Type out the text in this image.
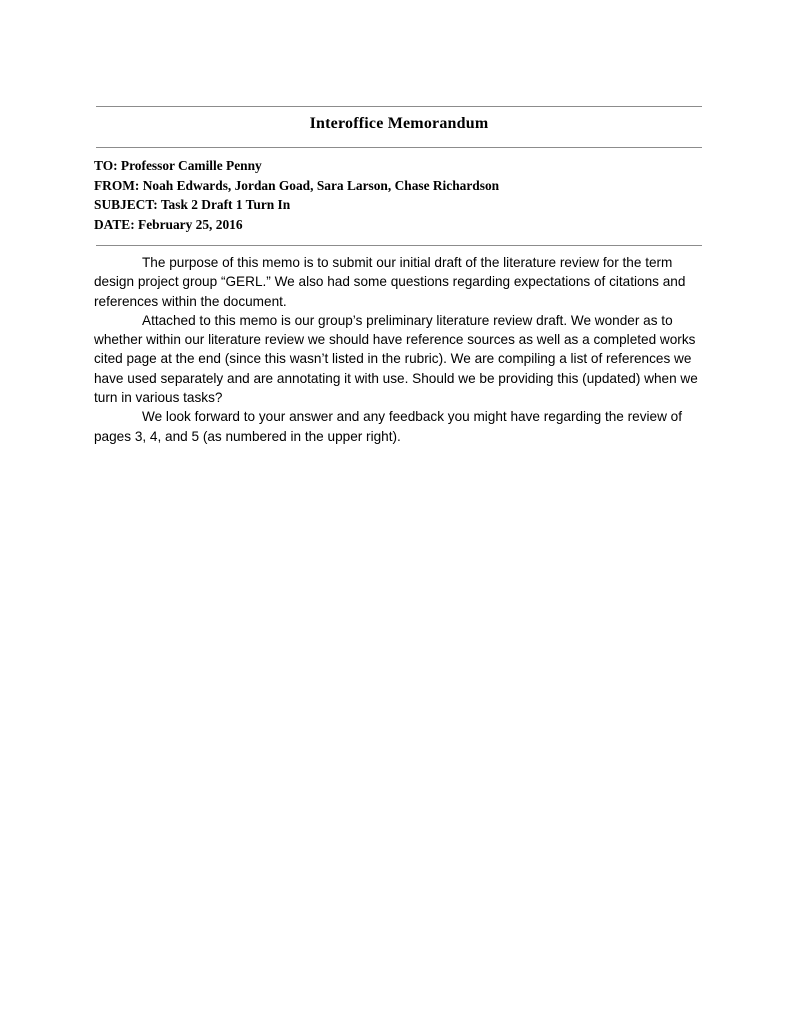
Interoffice Memorandum
TO: Professor Camille Penny
FROM: Noah Edwards, Jordan Goad, Sara Larson, Chase Richardson
SUBJECT: Task 2 Draft 1 Turn In
DATE: February 25, 2016

The purpose of this memo is to submit our initial draft of the literature review for the term design project group “GERL.” We also had some questions regarding expectations of citations and references within the document.

Attached to this memo is our group’s preliminary literature review draft. We wonder as to whether within our literature review we should have reference sources as well as a completed works cited page at the end (since this wasn’t listed in the rubric). We are compiling a list of references we have used separately and are annotating it with use. Should we be providing this (updated) when we turn in various tasks?

We look forward to your answer and any feedback you might have regarding the review of pages 3, 4, and 5 (as numbered in the upper right).
